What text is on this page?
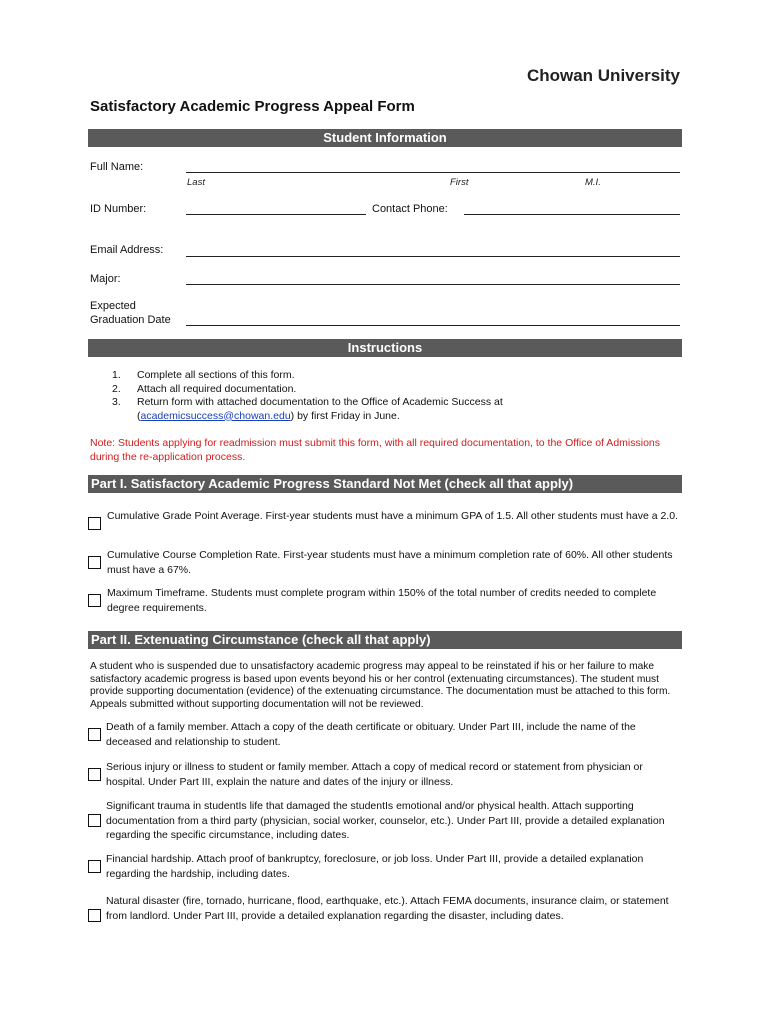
Chowan University
Satisfactory Academic Progress Appeal Form
Student Information
Full Name:
Last	First	M.I.
ID Number:	Contact Phone:
Email Address:
Major:
Expected
Graduation Date
Instructions
1.	Complete all sections of this form.
2.	Attach all required documentation.
3.	Return form with attached documentation to the Office of Academic Success at
(academicsuccess@chowan.edu) by first Friday in June.
Note: Students applying for readmission must submit this form, with all required documentation, to the Office of Admissions during the re-application process.
Part I. Satisfactory Academic Progress Standard Not Met (check all that apply)
Cumulative Grade Point Average. First-year students must have a minimum GPA of 1.5. All other students must have a 2.0.
Cumulative Course Completion Rate. First-year students must have a minimum completion rate of 60%. All other students must have a 67%.
Maximum Timeframe. Students must complete program within 150% of the total number of credits needed to complete degree requirements.
Part II. Extenuating Circumstance (check all that apply)
A student who is suspended due to unsatisfactory academic progress may appeal to be reinstated if his or her failure to make satisfactory academic progress is based upon events beyond his or her control (extenuating circumstances). The student must provide supporting documentation (evidence) of the extenuating circumstance. The documentation must be attached to this form. Appeals submitted without supporting documentation will not be reviewed.
Death of a family member. Attach a copy of the death certificate or obituary. Under Part III, include the name of the deceased and relationship to student.
Serious injury or illness to student or family member. Attach a copy of medical record or statement from physician or hospital. Under Part III, explain the nature and dates of the injury or illness.
Significant trauma in studentIs life that damaged the studentIs emotional and/or physical health. Attach supporting documentation from a third party (physician, social worker, counselor, etc.). Under Part III, provide a detailed explanation regarding the specific circumstance, including dates.
Financial hardship. Attach proof of bankruptcy, foreclosure, or job loss. Under Part III, provide a detailed explanation regarding the hardship, including dates.
Natural disaster (fire, tornado, hurricane, flood, earthquake, etc.). Attach FEMA documents, insurance claim, or statement from landlord. Under Part III, provide a detailed explanation regarding the disaster, including dates.
